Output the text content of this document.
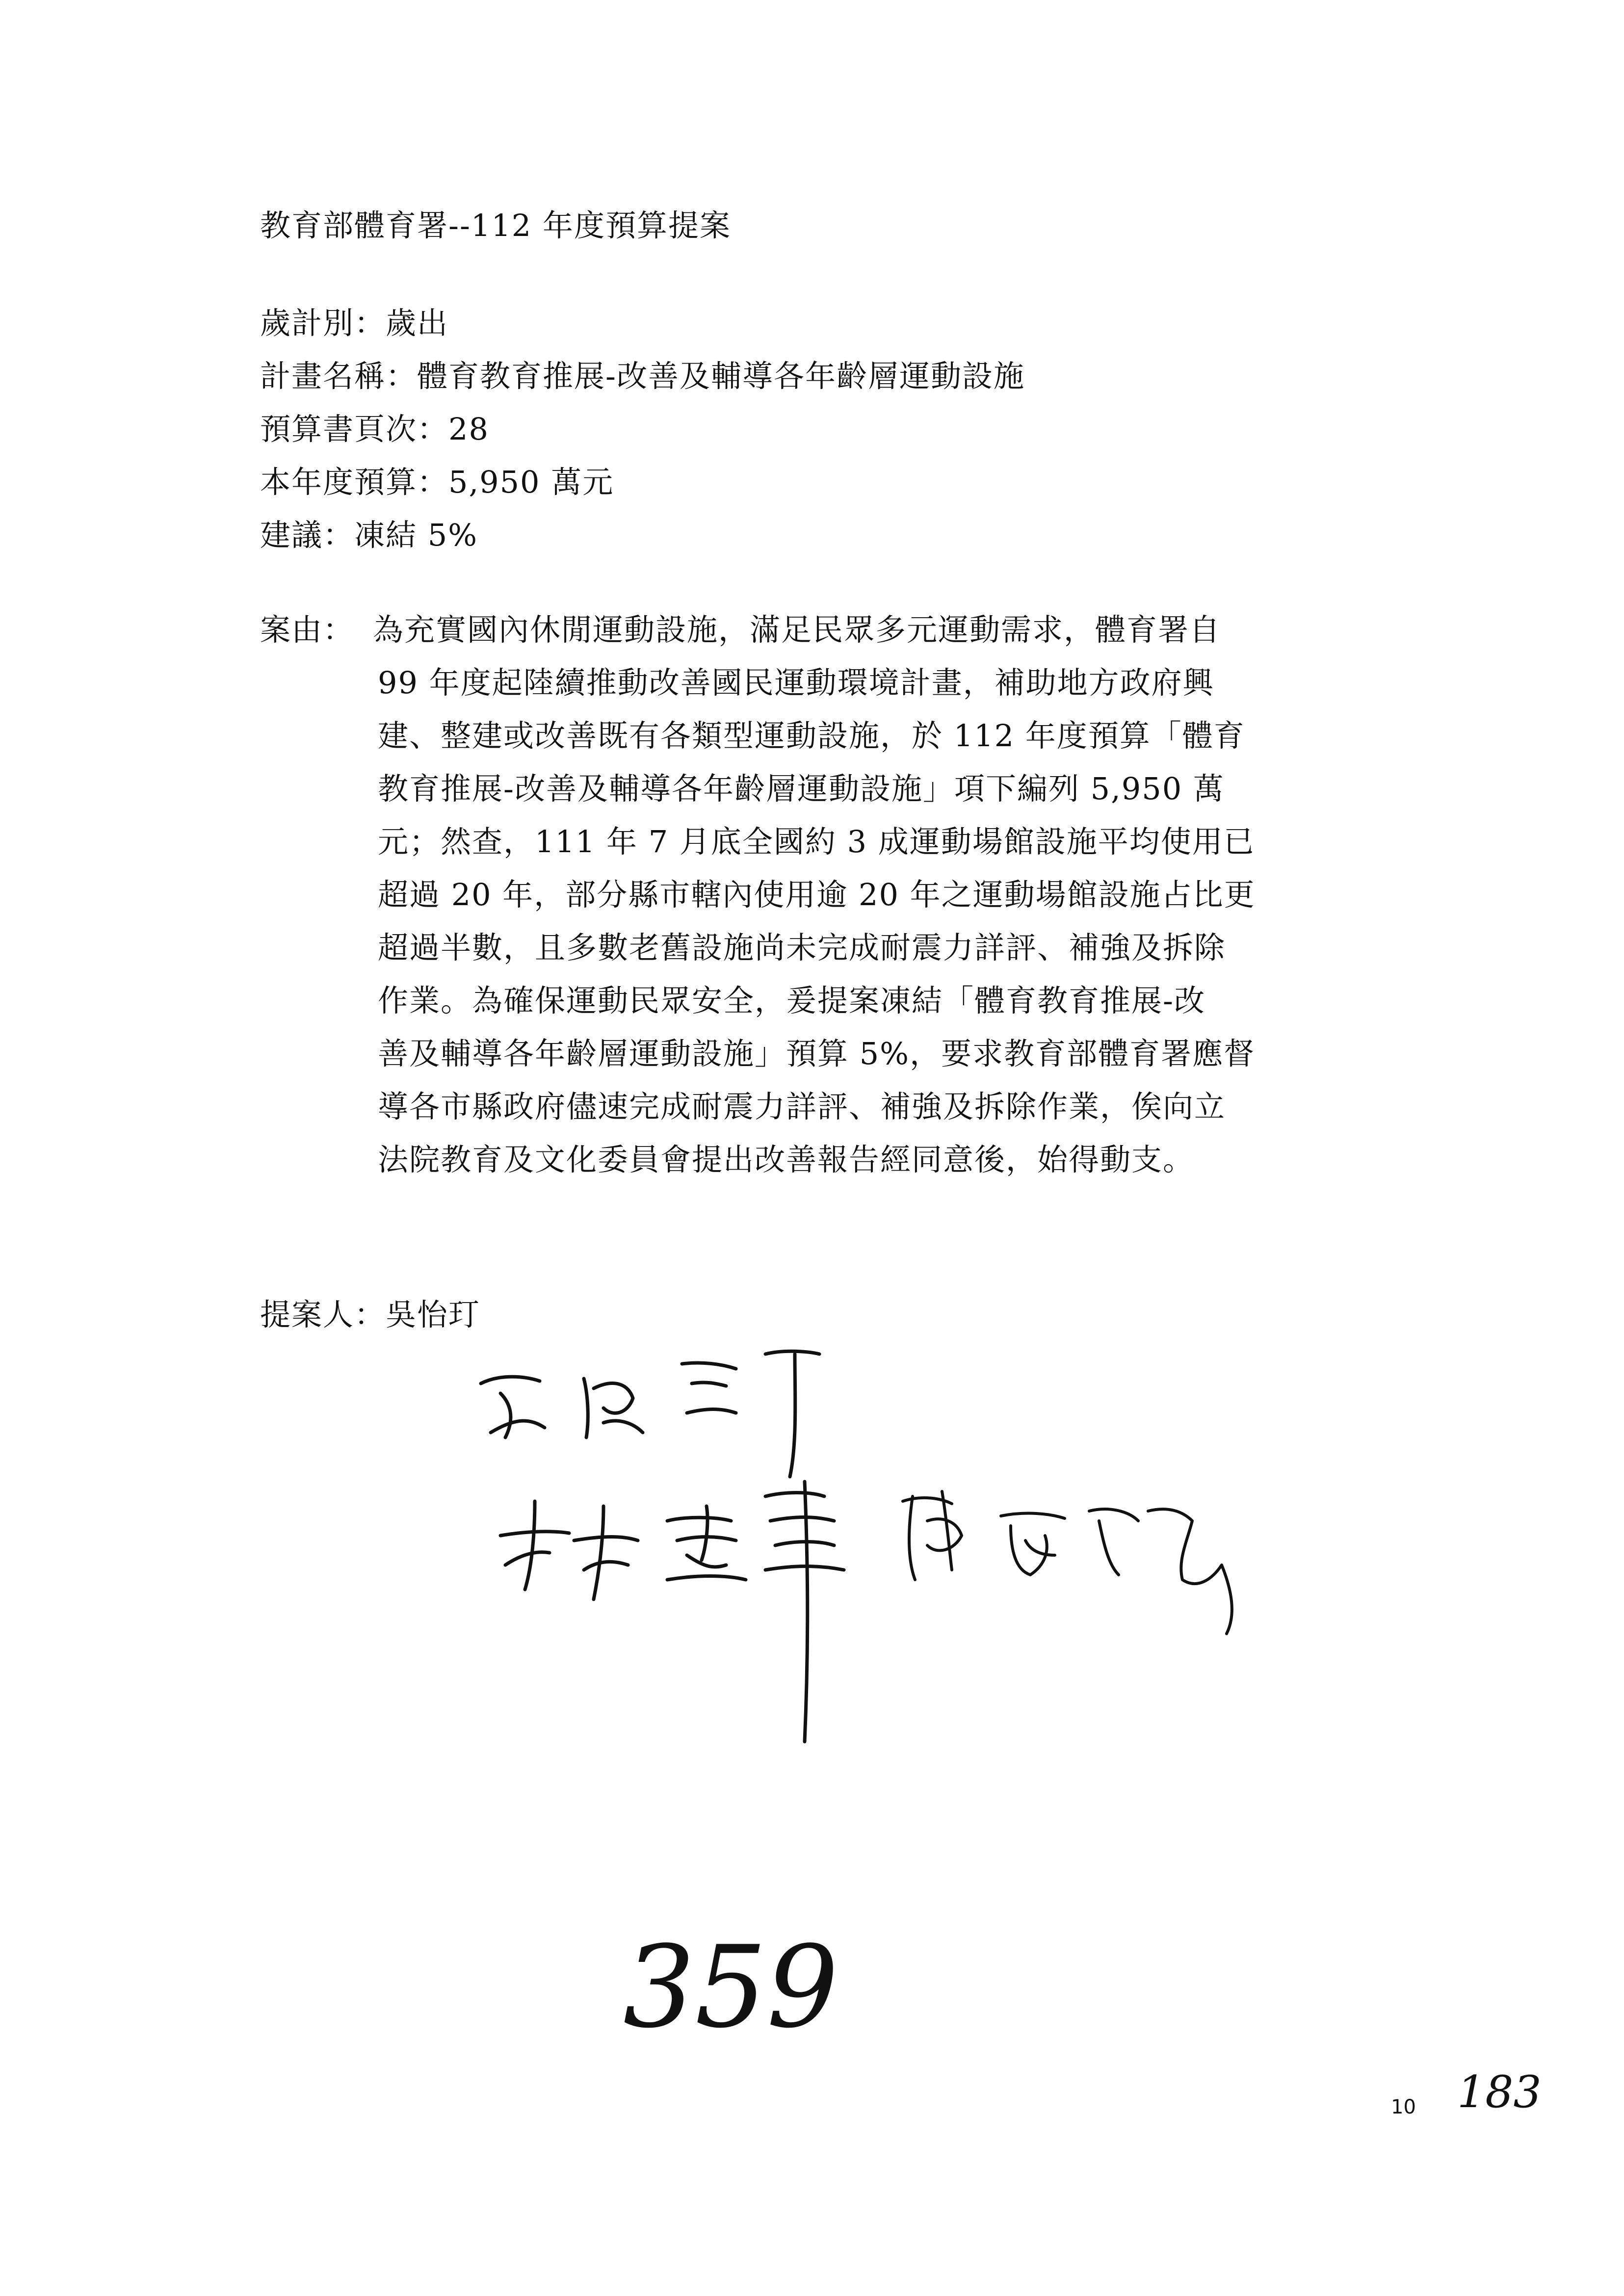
教育部體育署--112 年度預算提案
歲計別：歲出
計畫名稱：體育教育推展-改善及輔導各年齡層運動設施
預算書頁次：28
本年度預算：5,950 萬元
建議：凍結 5%
案由： 為充實國內休閒運動設施，滿足民眾多元運動需求，體育署自
99 年度起陸續推動改善國民運動環境計畫，補助地方政府興
建、整建或改善既有各類型運動設施，於 112 年度預算「體育
教育推展-改善及輔導各年齡層運動設施」項下編列 5,950 萬
元；然查，111 年 7 月底全國約 3 成運動場館設施平均使用已
超過 20 年，部分縣市轄內使用逾 20 年之運動場館設施占比更
超過半數，且多數老舊設施尚未完成耐震力詳評、補強及拆除
作業。為確保運動民眾安全，爰提案凍結「體育教育推展-改
善及輔導各年齡層運動設施」預算 5%，要求教育部體育署應督
導各市縣政府儘速完成耐震力詳評、補強及拆除作業，俟向立
法院教育及文化委員會提出改善報告經同意後，始得動支。
提案人：吳怡玎
359
183
10
